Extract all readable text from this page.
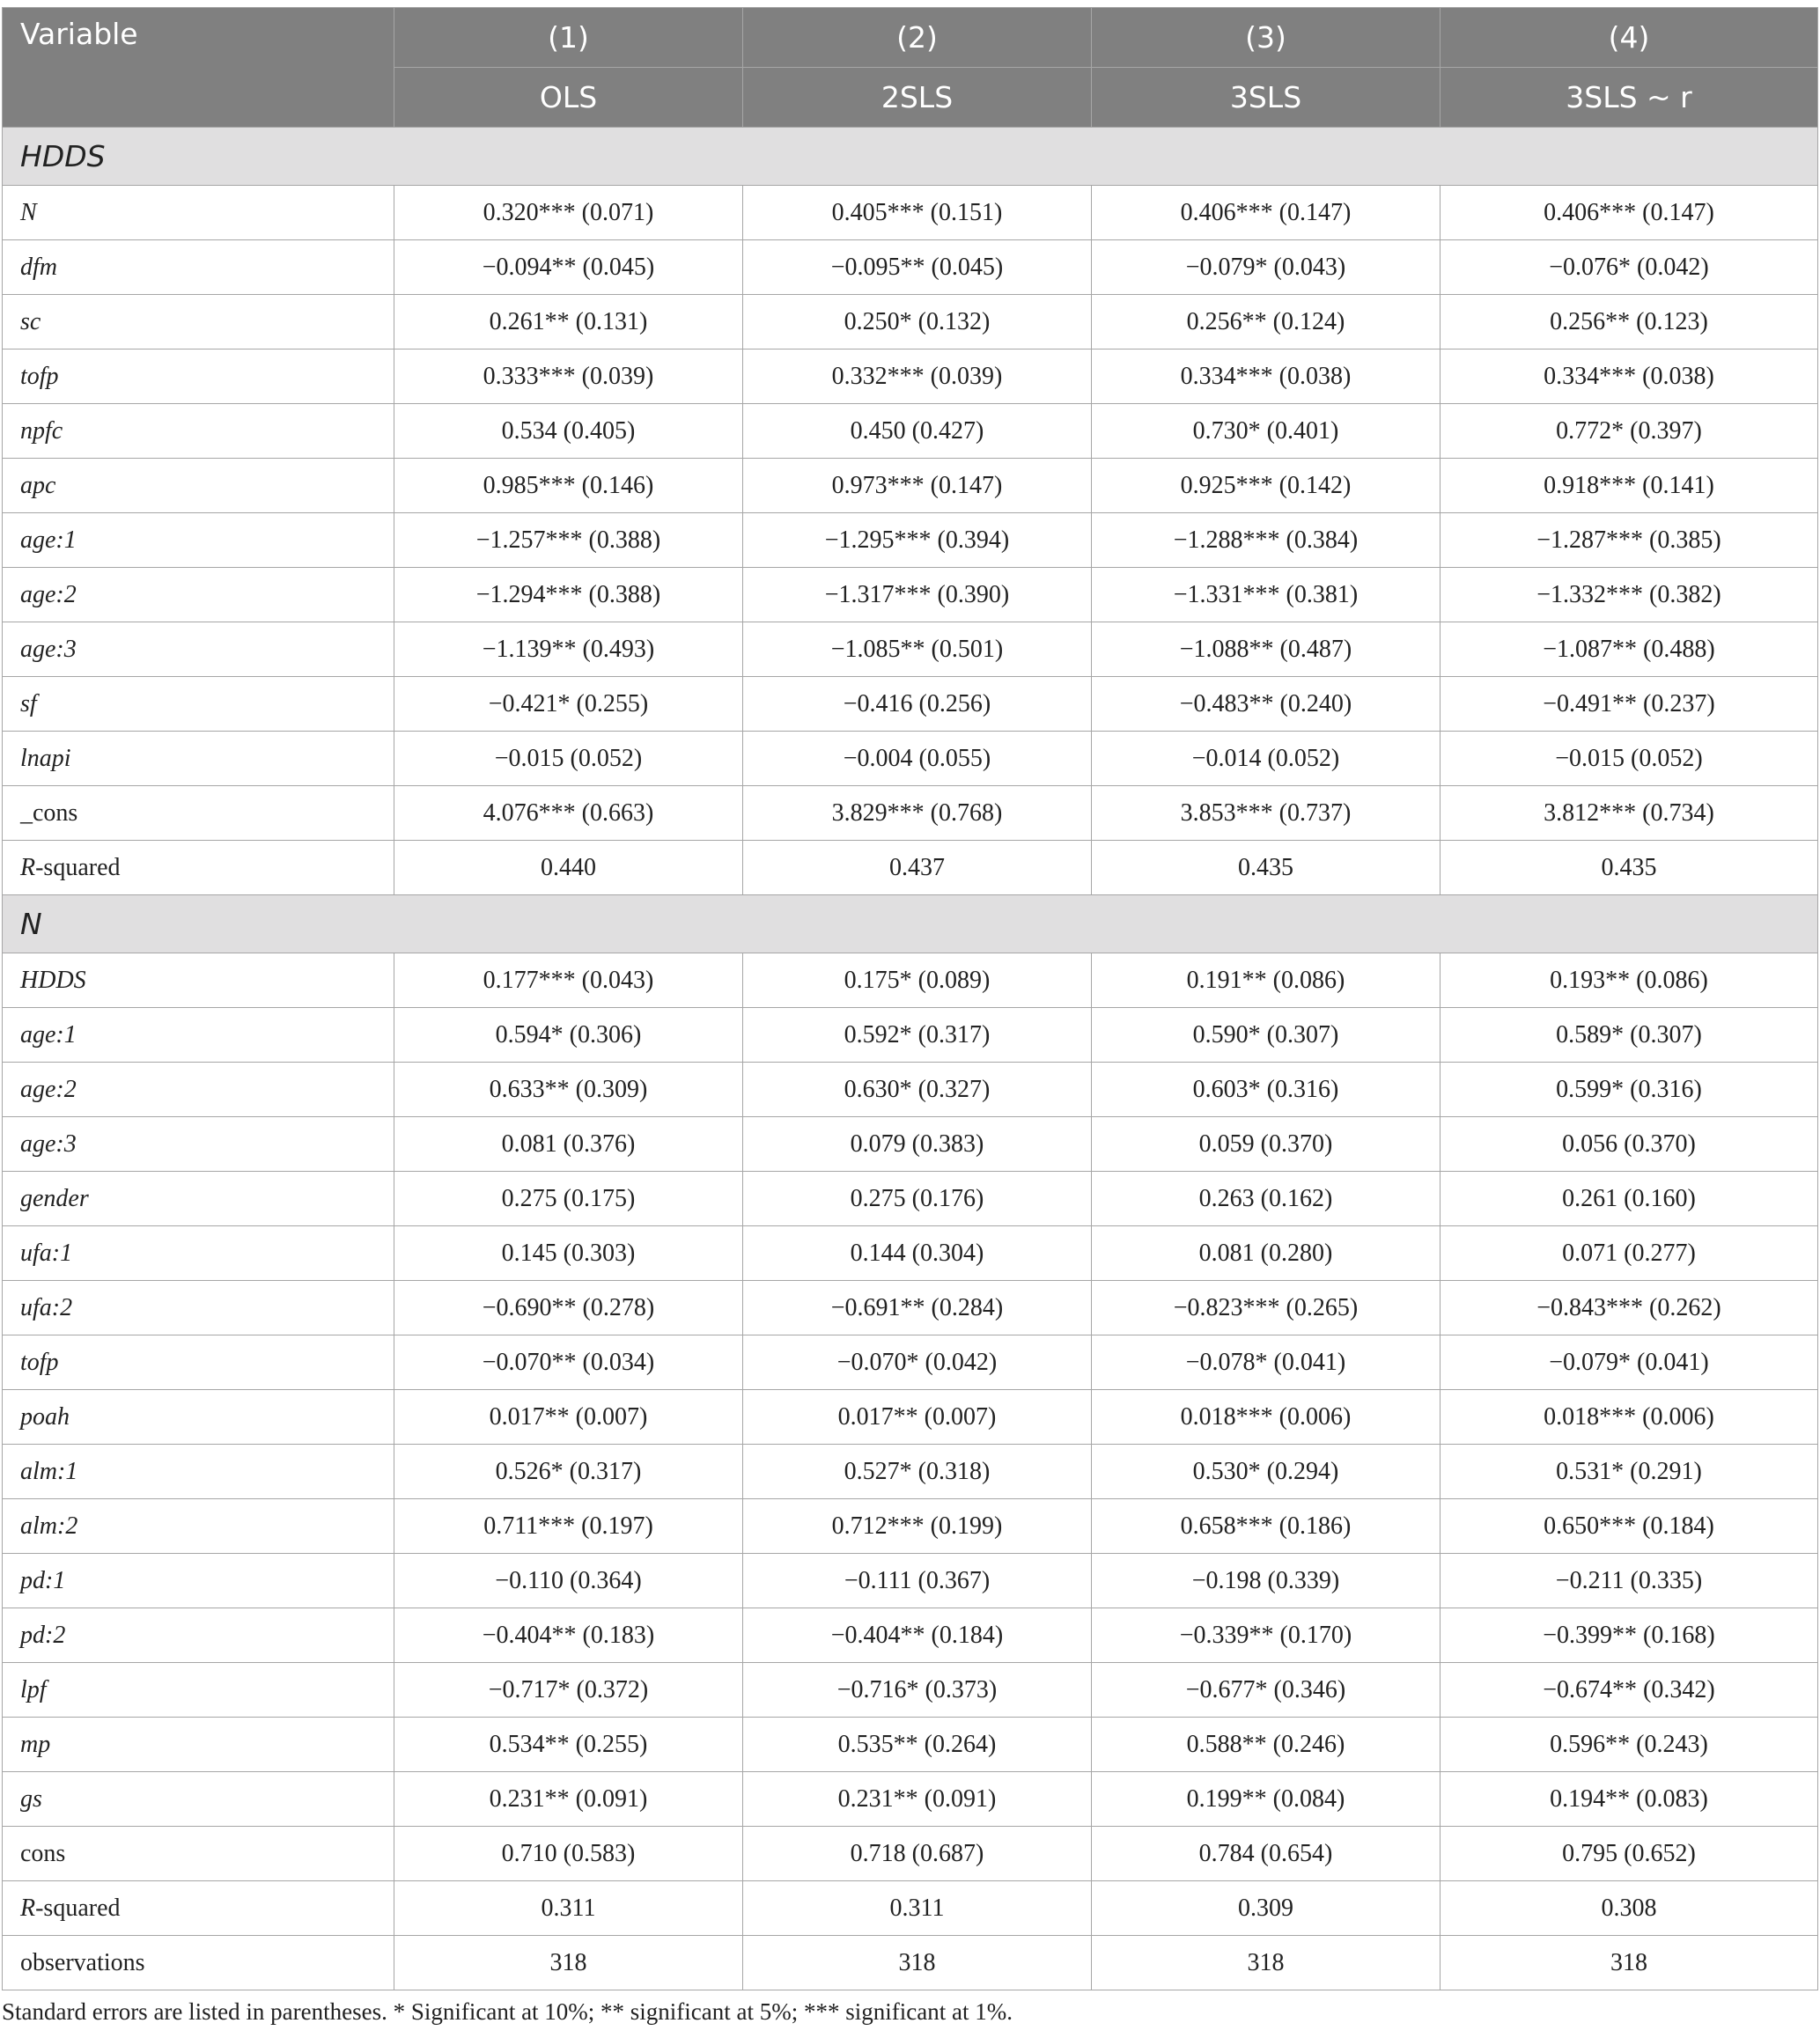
Variable	(1)	(2)	(3)	(4)
	OLS	2SLS	3SLS	3SLS ~ r
HDDS				
N	0.320*** (0.071)	0.405*** (0.151)	0.406*** (0.147)	0.406*** (0.147)
dfm	−0.094** (0.045)	−0.095** (0.045)	−0.079* (0.043)	−0.076* (0.042)
sc	0.261** (0.131)	0.250* (0.132)	0.256** (0.124)	0.256** (0.123)
tofp	0.333*** (0.039)	0.332*** (0.039)	0.334*** (0.038)	0.334*** (0.038)
npfc	0.534 (0.405)	0.450 (0.427)	0.730* (0.401)	0.772* (0.397)
apc	0.985*** (0.146)	0.973*** (0.147)	0.925*** (0.142)	0.918*** (0.141)
age:1	−1.257*** (0.388)	−1.295*** (0.394)	−1.288*** (0.384)	−1.287*** (0.385)
age:2	−1.294*** (0.388)	−1.317*** (0.390)	−1.331*** (0.381)	−1.332*** (0.382)
age:3	−1.139** (0.493)	−1.085** (0.501)	−1.088** (0.487)	−1.087** (0.488)
sf	−0.421* (0.255)	−0.416 (0.256)	−0.483** (0.240)	−0.491** (0.237)
lnapi	−0.015 (0.052)	−0.004 (0.055)	−0.014 (0.052)	−0.015 (0.052)
_cons	4.076*** (0.663)	3.829*** (0.768)	3.853*** (0.737)	3.812*** (0.734)
R-squared	0.440	0.437	0.435	0.435
N				
HDDS	0.177*** (0.043)	0.175* (0.089)	0.191** (0.086)	0.193** (0.086)
age:1	0.594* (0.306)	0.592* (0.317)	0.590* (0.307)	0.589* (0.307)
age:2	0.633** (0.309)	0.630* (0.327)	0.603* (0.316)	0.599* (0.316)
age:3	0.081 (0.376)	0.079 (0.383)	0.059 (0.370)	0.056 (0.370)
gender	0.275 (0.175)	0.275 (0.176)	0.263 (0.162)	0.261 (0.160)
ufa:1	0.145 (0.303)	0.144 (0.304)	0.081 (0.280)	0.071 (0.277)
ufa:2	−0.690** (0.278)	−0.691** (0.284)	−0.823*** (0.265)	−0.843*** (0.262)
tofp	−0.070** (0.034)	−0.070* (0.042)	−0.078* (0.041)	−0.079* (0.041)
poah	0.017** (0.007)	0.017** (0.007)	0.018*** (0.006)	0.018*** (0.006)
alm:1	0.526* (0.317)	0.527* (0.318)	0.530* (0.294)	0.531* (0.291)
alm:2	0.711*** (0.197)	0.712*** (0.199)	0.658*** (0.186)	0.650*** (0.184)
pd:1	−0.110 (0.364)	−0.111 (0.367)	−0.198 (0.339)	−0.211 (0.335)
pd:2	−0.404** (0.183)	−0.404** (0.184)	−0.339** (0.170)	−0.399** (0.168)
lpf	−0.717* (0.372)	−0.716* (0.373)	−0.677* (0.346)	−0.674** (0.342)
mp	0.534** (0.255)	0.535** (0.264)	0.588** (0.246)	0.596** (0.243)
gs	0.231** (0.091)	0.231** (0.091)	0.199** (0.084)	0.194** (0.083)
cons	0.710 (0.583)	0.718 (0.687)	0.784 (0.654)	0.795 (0.652)
R-squared	0.311	0.311	0.309	0.308
observations	318	318	318	318
Standard errors are listed in parentheses. * Significant at 10%; ** significant at 5%; *** significant at 1%.
